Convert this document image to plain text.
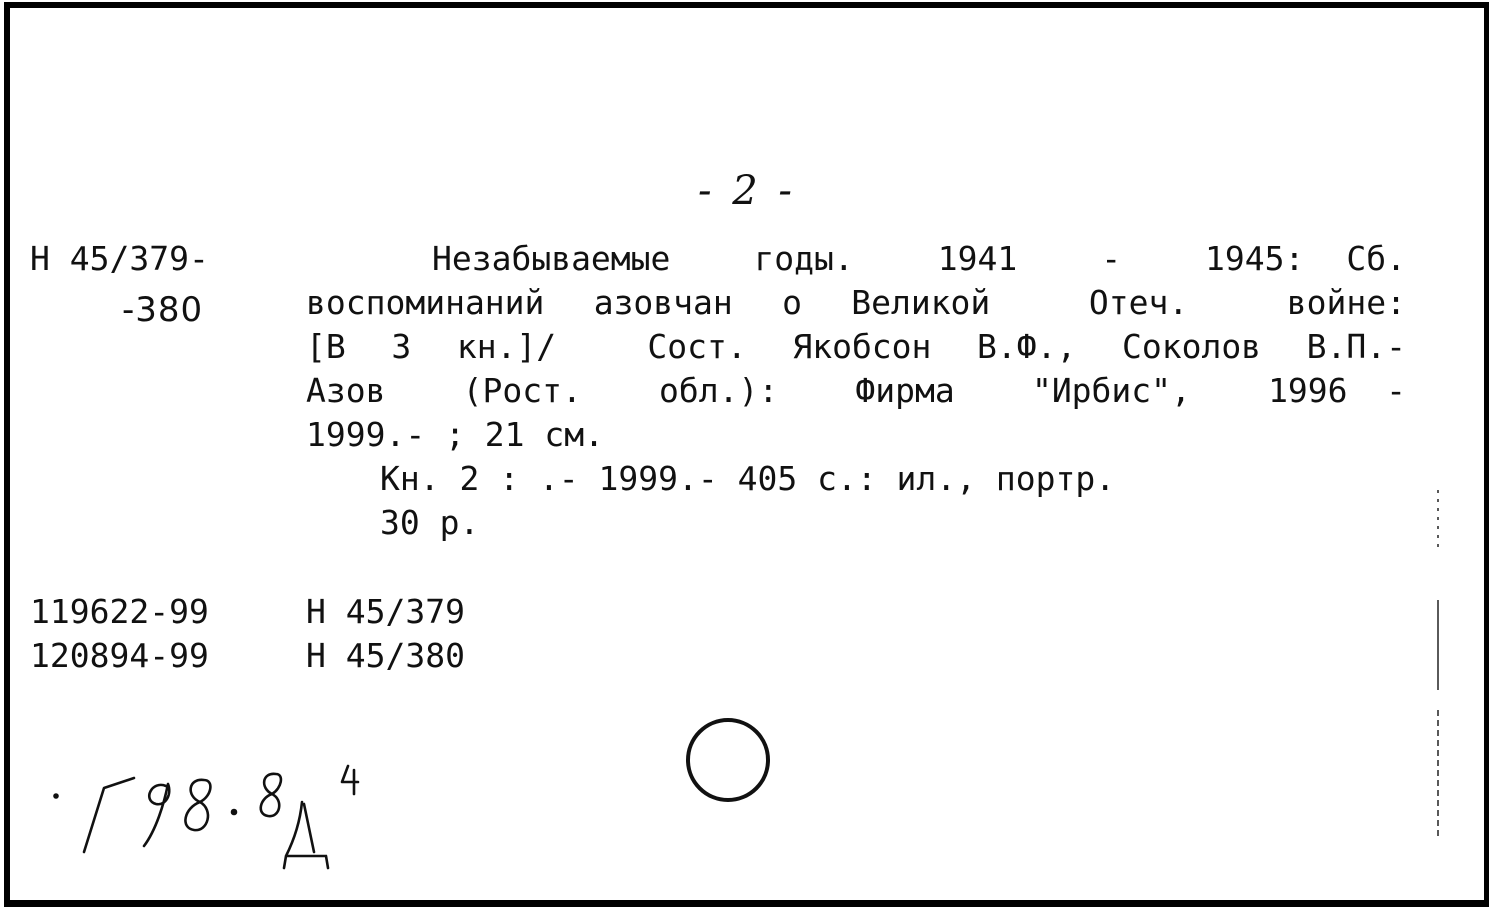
- 2 -
Н 45/379-
-380
Незабываемые  годы.  1941  -  1945: Сб.
воспоминаний азовчан о Великой  Отеч.  войне:
[В 3 кн.]/  Сост. Якобсон В.Ф., Соколов В.П.-
Азов  (Рост.  обл.):  Фирма  "Ирбис",  1996 -
1999.- ; 21 см.
Кн. 2 : .- 1999.- 405 с.: ил., портр.
30 р.
119622-99	Н 45/379
120894-99	Н 45/380
